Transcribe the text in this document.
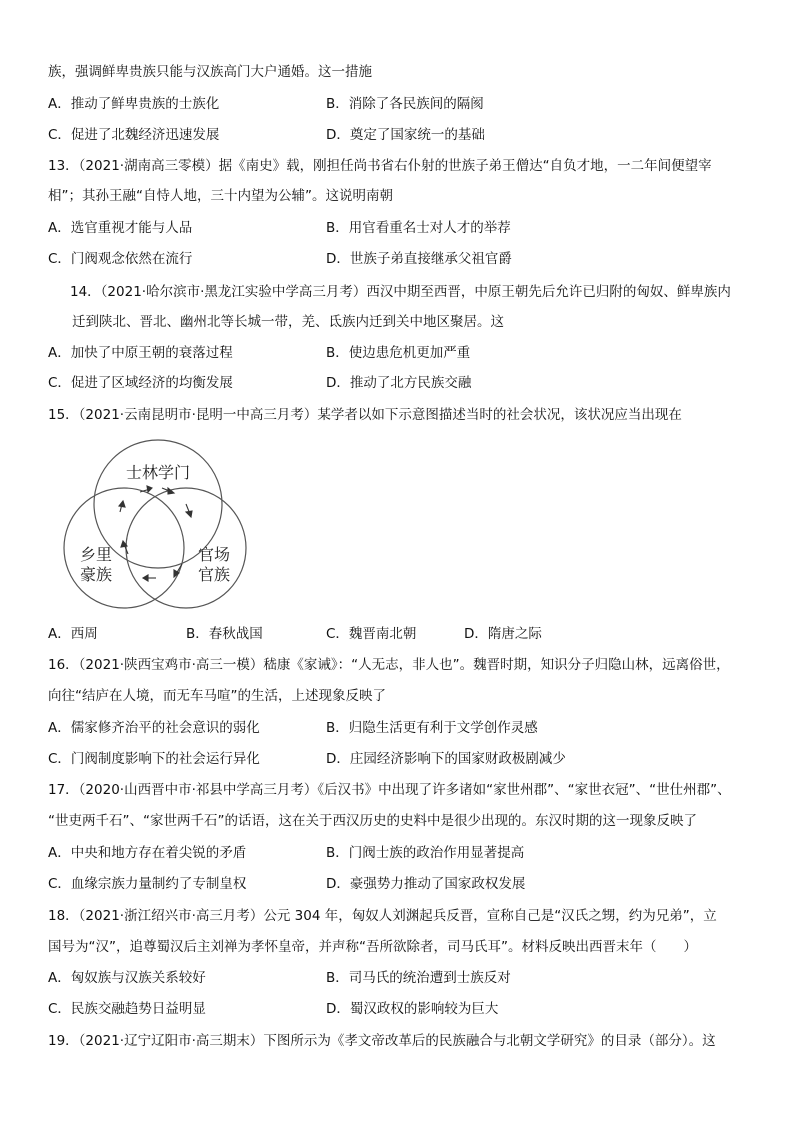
族，强调鲜卑贵族只能与汉族高门大户通婚。这一措施
A．推动了鲜卑贵族的士族化	B．消除了各民族间的隔阂
C．促进了北魏经济迅速发展	D．奠定了国家统一的基础
13．（2021·湖南高三零模）据《南史》载，刚担任尚书省右仆射的世族子弟王僧达“自负才地，一二年间便望宰
相”；其孙王融“自恃人地，三十内望为公辅”。这说明南朝
A．选官重视才能与人品	B．用官看重名士对人才的举荐
C．门阀观念依然在流行	D．世族子弟直接继承父祖官爵
14．（2021·哈尔滨市·黑龙江实验中学高三月考）西汉中期至西晋，中原王朝先后允许已归附的匈奴、鲜卑族内
迁到陕北、晋北、幽州北等长城一带，羌、氐族内迁到关中地区聚居。这
A．加快了中原王朝的衰落过程	B．使边患危机更加严重
C．促进了区域经济的均衡发展	D．推动了北方民族交融
15．（2021·云南昆明市·昆明一中高三月考）某学者以如下示意图描述当时的社会状况，该状况应当出现在
士林学门
乡里
豪族
官场
官族
A．西周	B．春秋战国	C．魏晋南北朝	D．隋唐之际
16．（2021·陕西宝鸡市·高三一模）嵇康《家诫》：“人无志，非人也”。魏晋时期，知识分子归隐山林，远离俗世，
向往“结庐在人境，而无车马喧”的生活，上述现象反映了
A．儒家修齐治平的社会意识的弱化	B．归隐生活更有利于文学创作灵感
C．门阀制度影响下的社会运行异化	D．庄园经济影响下的国家财政极剧减少
17．（2020·山西晋中市·祁县中学高三月考）《后汉书》中出现了许多诸如“家世州郡”、“家世衣冠”、“世仕州郡”、
“世吏两千石”、“家世两千石”的话语，这在关于西汉历史的史料中是很少出现的。东汉时期的这一现象反映了
A．中央和地方存在着尖锐的矛盾	B．门阀士族的政治作用显著提高
C．血缘宗族力量制约了专制皇权	D．豪强势力推动了国家政权发展
18．（2021·浙江绍兴市·高三月考）公元 304 年，匈奴人刘渊起兵反晋，宣称自己是“汉氏之甥，约为兄弟”，立
国号为“汉”，追尊蜀汉后主刘禅为孝怀皇帝，并声称“吾所欲除者，司马氏耳”。材料反映出西晋末年（　　）
A．匈奴族与汉族关系较好	B．司马氏的统治遭到士族反对
C．民族交融趋势日益明显	D．蜀汉政权的影响较为巨大
19．（2021·辽宁辽阳市·高三期末）下图所示为《孝文帝改革后的民族融合与北朝文学研究》的目录（部分）。这
